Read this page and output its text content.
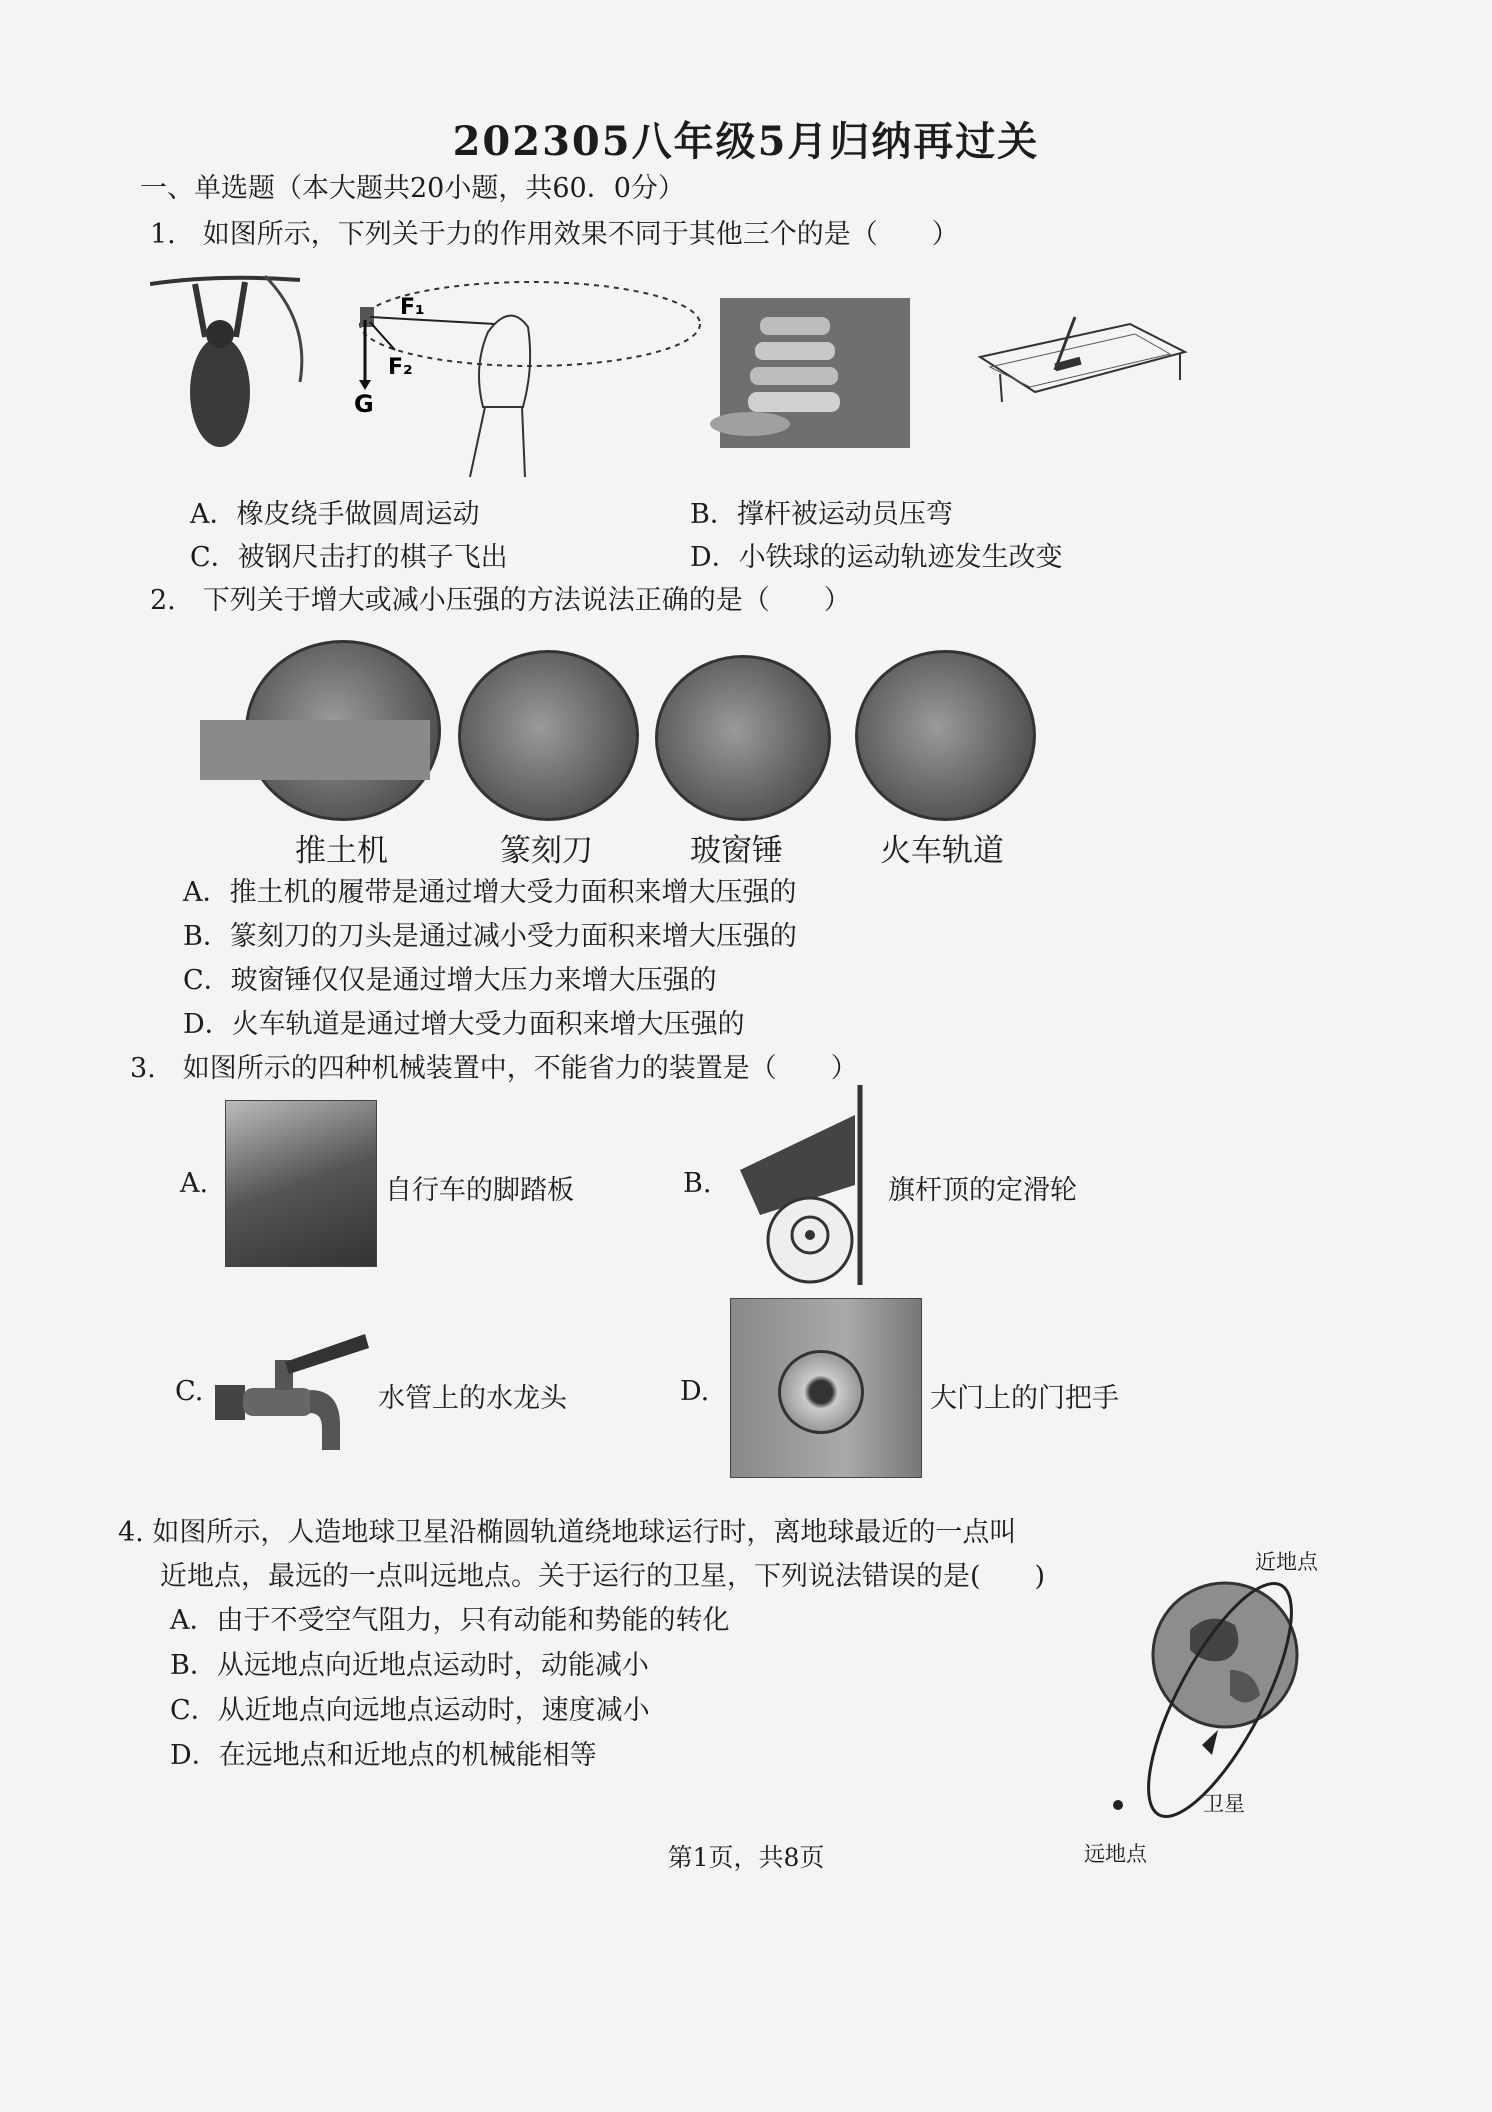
202305八年级5月归纳再过关
一、单选题（本大题共20小题，共60．0分）
1.　如图所示，下列关于力的作用效果不同于其他三个的是（　　）
F₁
F₂
G
A．橡皮绕手做圆周运动	B．撑杆被运动员压弯
C．被钢尺击打的棋子飞出	D．小铁球的运动轨迹发生改变
2.　下列关于增大或减小压强的方法说法正确的是（　　）
推土机	篆刻刀	玻窗锤	火车轨道
A．推土机的履带是通过增大受力面积来增大压强的
B．篆刻刀的刀头是通过减小受力面积来增大压强的
C．玻窗锤仅仅是通过增大压力来增大压强的
D．火车轨道是通过增大受力面积来增大压强的
3.　如图所示的四种机械装置中，不能省力的装置是（　　）
A.	自行车的脚踏板	B.	旗杆顶的定滑轮
C.	水管上的水龙头	D.	大门上的门把手
4. 如图所示，人造地球卫星沿椭圆轨道绕地球运行时，离地球最近的一点叫
近地点，最远的一点叫远地点。关于运行的卫星，下列说法错误的是(　　)
A．由于不受空气阻力，只有动能和势能的转化
B．从远地点向近地点运动时，动能减小
C．从近地点向远地点运动时，速度减小
D．在远地点和近地点的机械能相等
近地点
卫星
远地点
第1页，共8页
